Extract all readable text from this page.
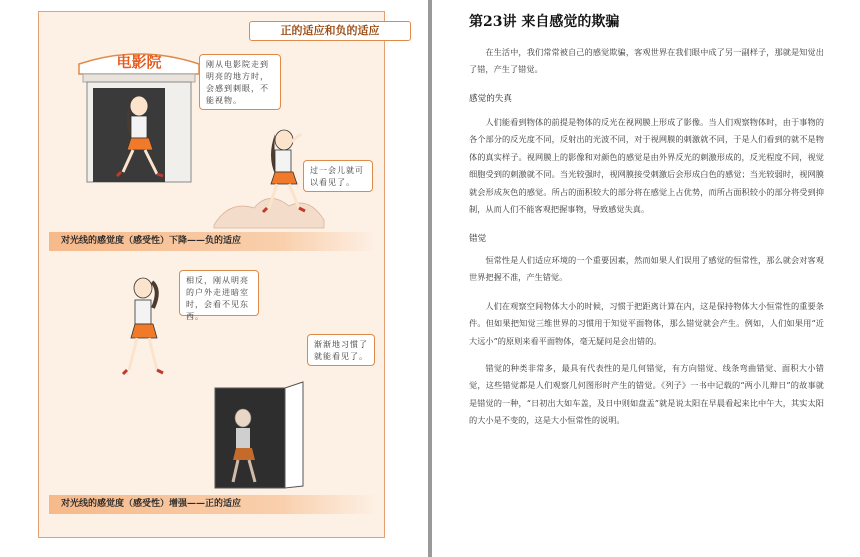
正的适应和负的适应
电影院	刚从电影院走到明亮的地方时，会感到刺眼，不能视物。
过一会儿就可以看见了。
对光线的感觉度（感受性）下降——负的适应
相反，刚从明亮的户外走进暗室时，会看不见东西。
渐渐地习惯了就能看见了。
对光线的感觉度（感受性）增强——正的适应
第23讲 来自感觉的欺骗

在生活中，我们常常被自己的感觉欺骗，客观世界在我们眼中成了另一副样子，那就是知觉出了错，产生了错觉。

感觉的失真

人们能看到物体的前提是物体的反光在视网膜上形成了影像。当人们观察物体时，由于事物的各个部分的反光度不同，反射出的光波不同，对于视网膜的刺激就不同，于是人们看到的就不是物体的真实样子。视网膜上的影像和对颜色的感觉是由外界反光的刺激形成的，反光程度不同，视觉细胞受到的刺激就不同。当光较强时，视网膜接受刺激后会形成白色的感觉；当光较弱时，视网膜就会形成灰色的感觉。所占的面积较大的部分将在感觉上占优势，而所占面积较小的部分将受到抑制，从而人们不能客观把握事物，导致感觉失真。

错觉

恒常性是人们适应环境的一个重要因素，然而如果人们误用了感觉的恒常性，那么就会对客观世界把握不准，产生错觉。

人们在观察空间物体大小的时候，习惯于把距离计算在内，这是保持物体大小恒常性的重要条件。但如果把知觉三维世界的习惯用于知觉平面物体，那么错觉就会产生。例如，人们如果用“近大远小”的原则来看平面物体，毫无疑问是会出错的。

错觉的种类非常多，最具有代表性的是几何错觉，有方向错觉、线条弯曲错觉、面积大小错觉，这些错觉都是人们观察几何图形时产生的错觉。《列子》一书中记载的“两小儿辩日”的故事就是错觉的一种，“日初出大如车盖，及日中则如盘盂”就是说太阳在早晨看起来比中午大，其实太阳的大小是不变的，这是大小恒常性的说明。
